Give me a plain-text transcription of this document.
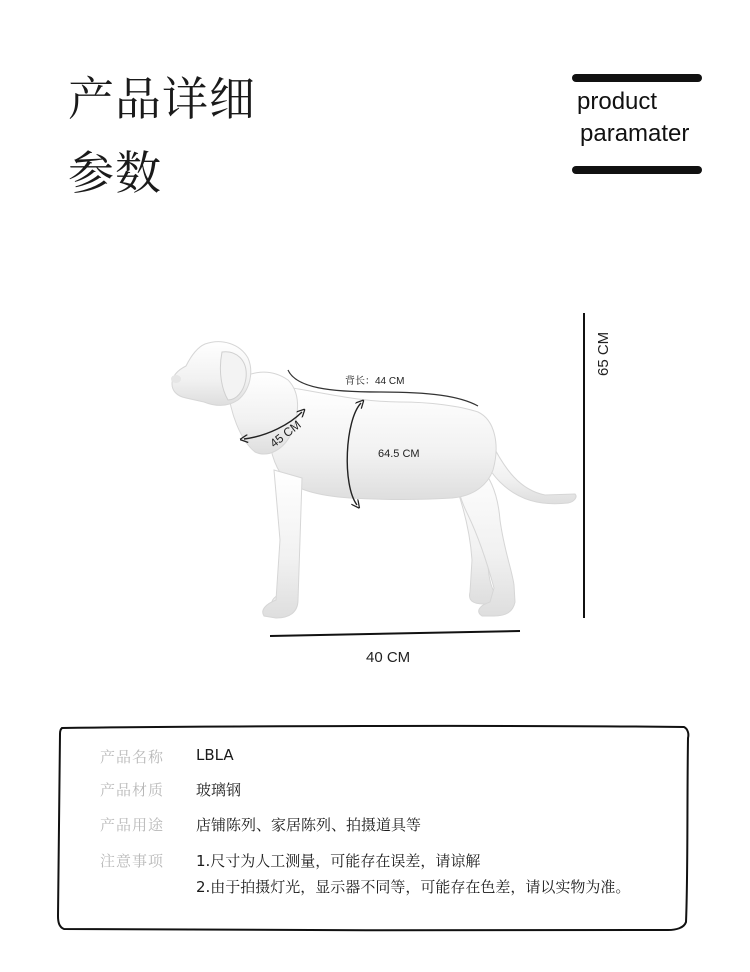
产品详细
参数
product
paramater
背长：44 CM
45 CM
64.5 CM
65 CM
40 CM
产品名称 LBLA
产品材质 玻璃钢
产品用途 店铺陈列、家居陈列、拍摄道具等
注意事项 1.尺寸为人工测量，可能存在误差，请谅解
2.由于拍摄灯光，显示器不同等，可能存在色差，请以实物为准。
